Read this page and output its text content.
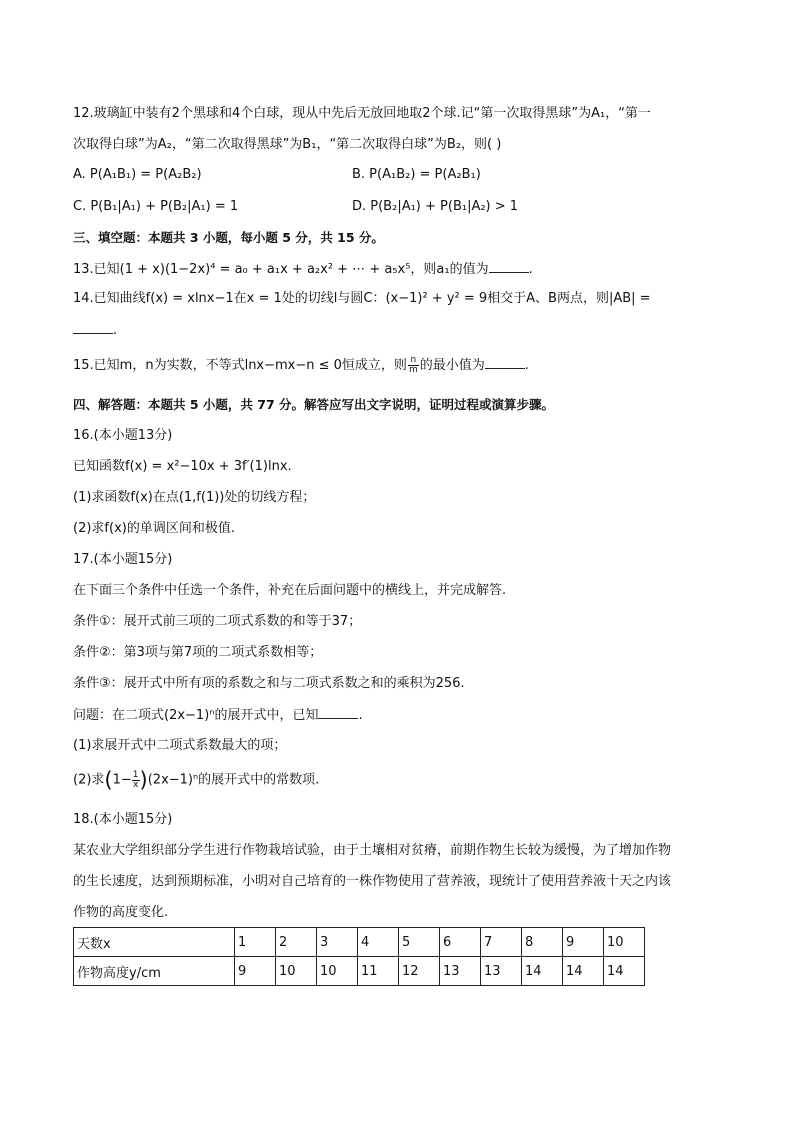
12.玻璃缸中装有2个黑球和4个白球，现从中先后无放回地取2个球.记“第一次取得黑球”为A₁，“第一
次取得白球”为A₂，“第二次取得黑球”为B₁，“第二次取得白球”为B₂，则( )
A. P(A₁B₁) = P(A₂B₂)	B. P(A₁B₂) = P(A₂B₁)
C. P(B₁|A₁) + P(B₂|A₁) = 1	D. P(B₂|A₁) + P(B₁|A₂) > 1
三、填空题：本题共 3 小题，每小题 5 分，共 15 分。
13.已知(1 + x)(1−2x)⁴ = a₀ + a₁x + a₂x² + ⋯ + a₅x⁵，则a₁的值为	.
14.已知曲线f(x) = xlnx−1在x = 1处的切线l与圆C：(x−1)² + y² = 9相交于A、B两点，则|AB| =
.
15.已知m，n为实数，不等式lnx−mx−n ≤ 0恒成立，则 $\frac{n}{m}$ 的最小值为	.
四、解答题：本题共 5 小题，共 77 分。解答应写出文字说明，证明过程或演算步骤。
16.(本小题13分)
已知函数f(x) = x²−10x + 3f′(1)lnx.
(1)求函数f(x)在点(1,f(1))处的切线方程；
(2)求f(x)的单调区间和极值.
17.(本小题15分)
在下面三个条件中任选一个条件，补充在后面问题中的横线上，并完成解答.
条件①：展开式前三项的二项式系数的和等于37；
条件②：第3项与第7项的二项式系数相等；
条件③：展开式中所有项的系数之和与二项式系数之和的乘积为256.
问题：在二项式(2x−1)ⁿ的展开式中，已知	.
(1)求展开式中二项式系数最大的项；
(2)求$(1- \frac{1}{x} )(2x-1)^n$的展开式中的常数项.
18.(本小题15分)
某农业大学组织部分学生进行作物栽培试验，由于土壤相对贫瘠，前期作物生长较为缓慢，为了增加作物
的生长速度，达到预期标准，小明对自己培育的一株作物使用了营养液，现统计了使用营养液十天之内该
作物的高度变化.
天数x	1	2	3	4	5	6	7	8	9	10
作物高度y/cm	9	10	10	11	12	13	13	14	14	14
